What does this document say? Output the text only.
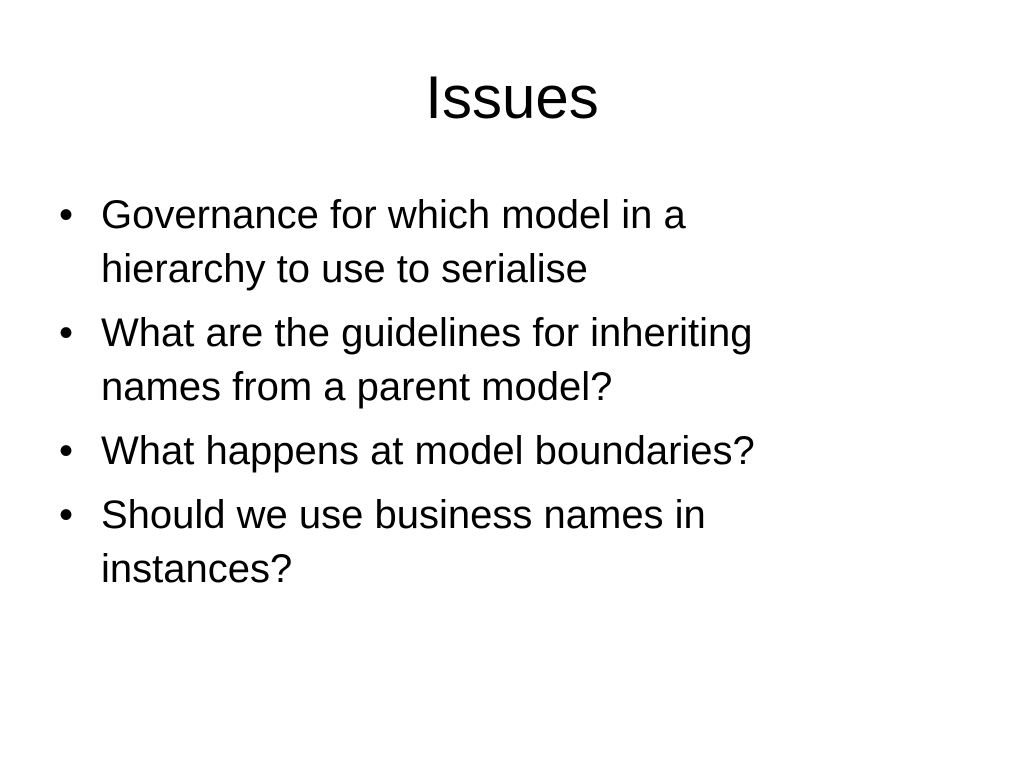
Issues
• Governance for which model in a
hierarchy to use to serialise
• What are the guidelines for inheriting
names from a parent model?
• What happens at model boundaries?
• Should we use business names in
instances?
